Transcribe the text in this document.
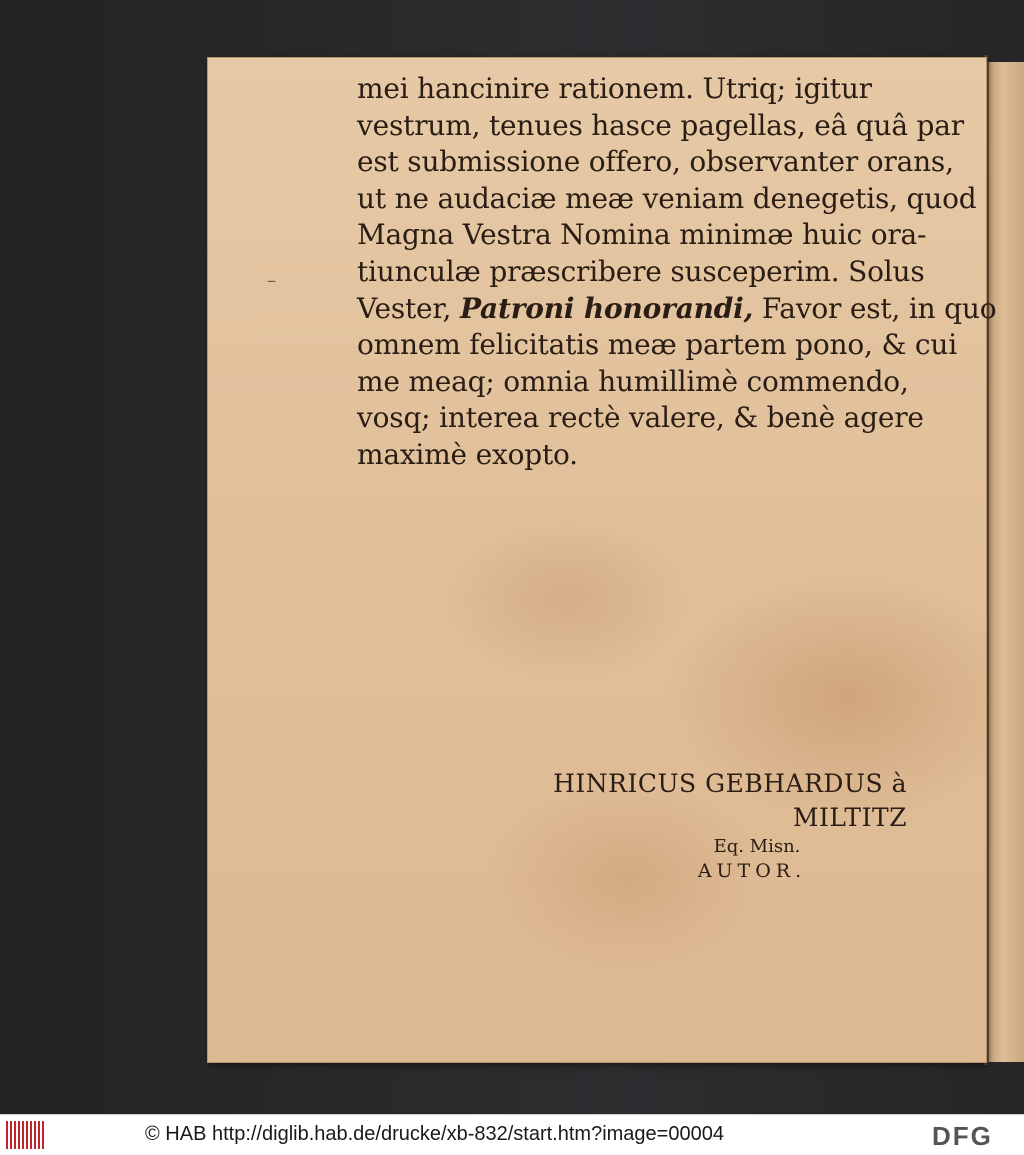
–
mei hancinire rationem. Utriq; igitur
vestrum, tenues hasce pagellas, eâ quâ par
est submissione offero, observanter orans,
ut ne audaciæ meæ veniam denegetis, quod
Magna Vestra Nomina minimæ huic ora-
tiunculæ præscribere susceperim. Solus
Vester, Patroni honorandi, Favor est, in quo
omnem felicitatis meæ partem pono, & cui
me meaq; omnia humillimè commendo,
vosq; interea rectè valere, & benè agere
maximè exopto.
HINRICUS GEBHARDUS à MILTITZ
Eq. Misn.
AUTOR.
© HAB http://diglib.hab.de/drucke/xb-832/start.htm?image=00004	DFG
